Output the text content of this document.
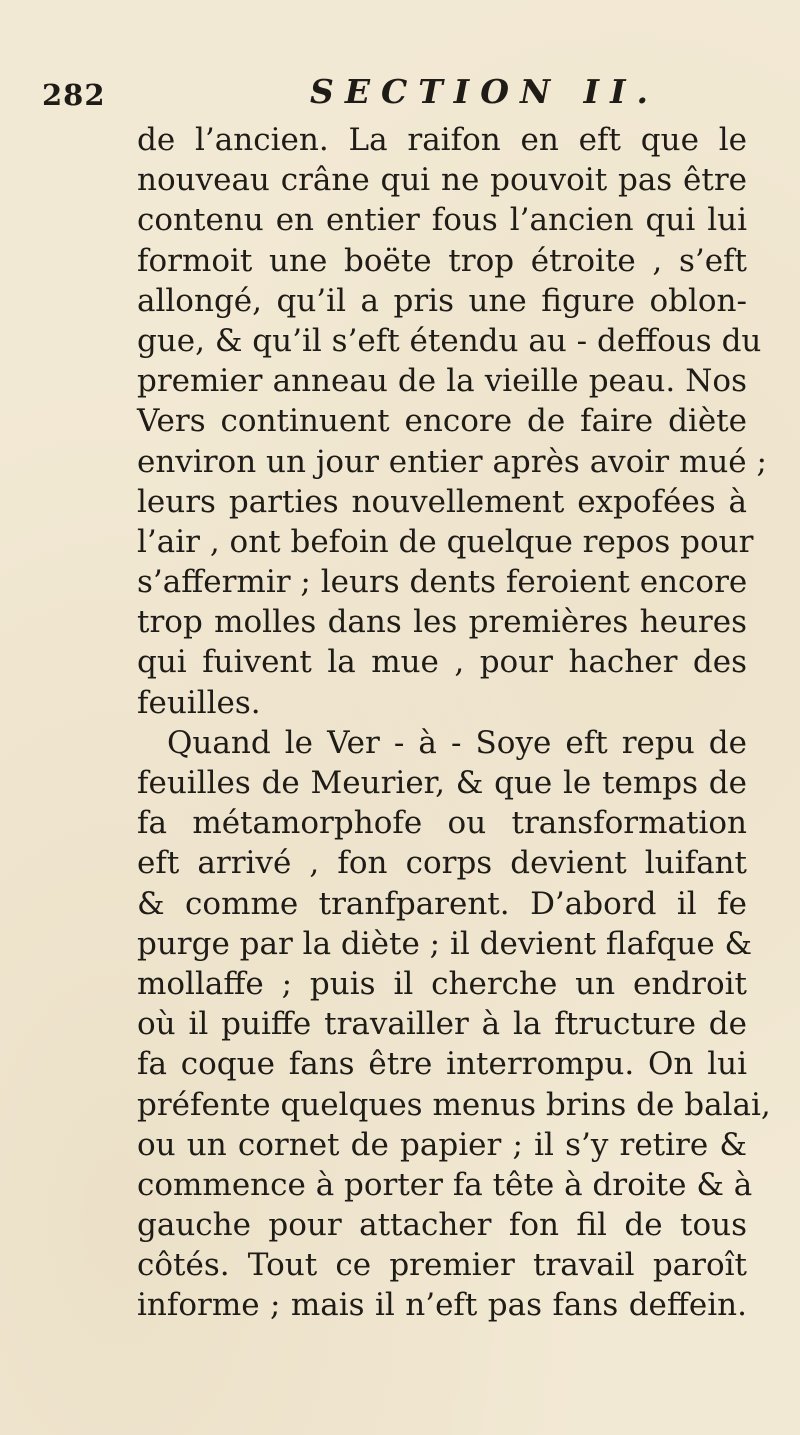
282	SECTION II.
de l’ancien. La raifon en eft que le
nouveau crâne qui ne pouvoit pas être
contenu en entier fous l’ancien qui lui
formoit une boëte trop étroite , s’eft
allongé, qu’il a pris une figure oblon-
gue, & qu’il s’eft étendu au - deffous du
premier anneau de la vieille peau. Nos
Vers continuent encore de faire diète
environ un jour entier après avoir mué ;
leurs parties nouvellement expofées à
l’air , ont befoin de quelque repos pour
s’affermir ; leurs dents feroient encore
trop molles dans les premières heures
qui fuivent la mue , pour hacher des
feuilles.
Quand le Ver - à - Soye eft repu de
feuilles de Meurier, & que le temps de
fa métamorphofe ou transformation
eft arrivé , fon corps devient luifant
& comme tranfparent. D’abord il fe
purge par la diète ; il devient flafque &
mollaffe ; puis il cherche un endroit
où il puiffe travailler à la ftructure de
fa coque fans être interrompu. On lui
préfente quelques menus brins de balai,
ou un cornet de papier ; il s’y retire &
commence à porter fa tête à droite & à
gauche pour attacher fon fil de tous
côtés. Tout ce premier travail paroît
informe ; mais il n’eft pas fans deffein.
